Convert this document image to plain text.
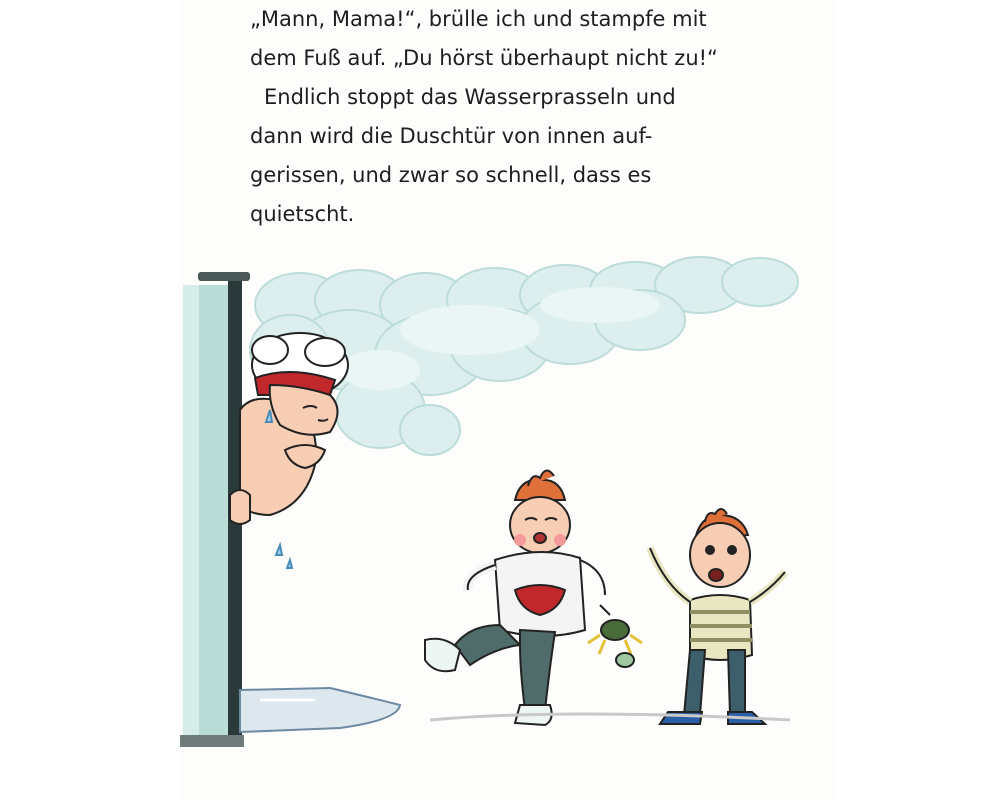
„Mann, Mama!“, brülle ich und stampfe mit
dem Fuß auf. „Du hörst überhaupt nicht zu!“
Endlich stoppt das Wasserprasseln und
dann wird die Duschtür von innen auf-
gerissen, und zwar so schnell, dass es
quietscht.
